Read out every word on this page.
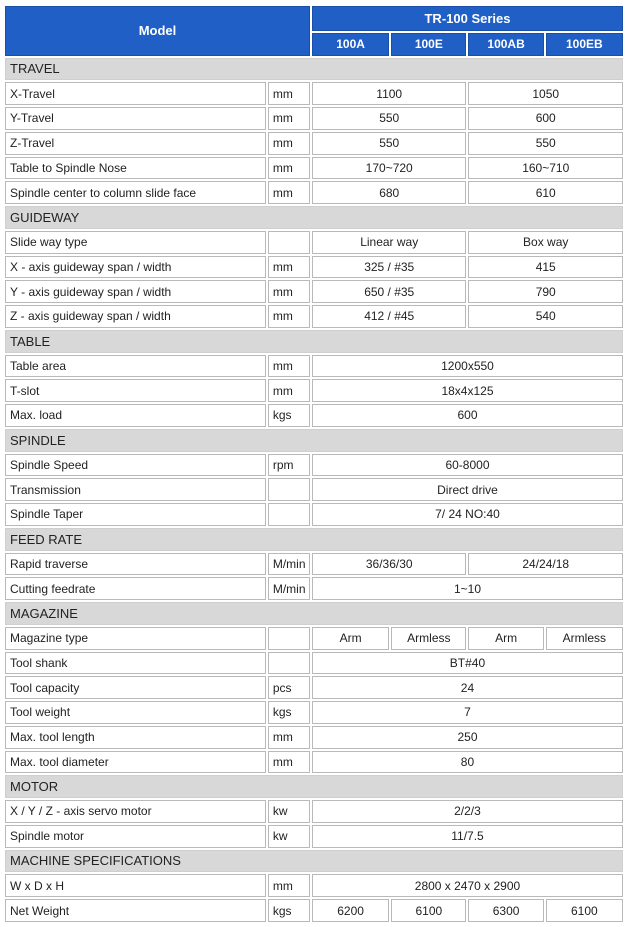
Model		TR-100 Series			
		100A	100E	100AB	100EB
TRAVEL					
X-Travel	mm	1100		1050	
Y-Travel	mm	550		600	
Z-Travel	mm	550		550	
Table to Spindle Nose	mm	170~720		160~710	
Spindle center to column slide face	mm	680		610	
GUIDEWAY					
Slide way type		Linear way		Box way	
X - axis guideway span / width	mm	325 / #35		415	
Y - axis guideway span / width	mm	650 / #35		790	
Z - axis guideway span / width	mm	412 / #45		540	
TABLE					
Table area	mm	1200x550			
T-slot	mm	18x4x125			
Max. load	kgs	600			
SPINDLE					
Spindle Speed	rpm	60-8000			
Transmission		Direct drive			
Spindle Taper		7/ 24 NO:40			
FEED RATE					
Rapid traverse	M/min	36/36/30		24/24/18	
Cutting feedrate	M/min	1~10			
MAGAZINE					
Magazine type		Arm	Armless	Arm	Armless
Tool shank		BT#40			
Tool capacity	pcs	24			
Tool weight	kgs	7			
Max. tool length	mm	250			
Max. tool diameter	mm	80			
MOTOR					
X / Y / Z - axis servo motor	kw	2/2/3			
Spindle motor	kw	11/7.5			
MACHINE SPECIFICATIONS					
W x D x H	mm	2800 x 2470 x 2900			
Net Weight	kgs	6200	6100	6300	6100
